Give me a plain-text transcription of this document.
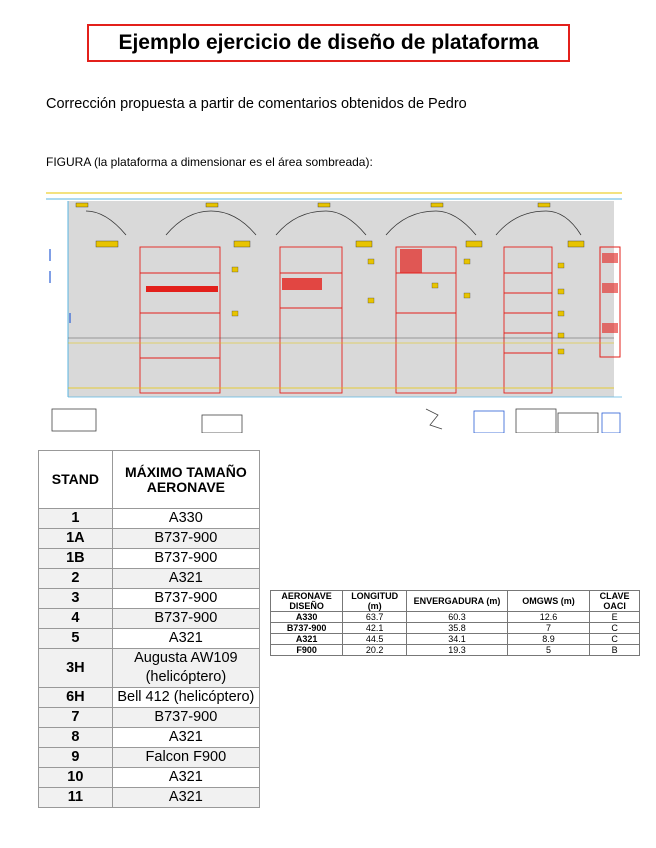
Ejemplo ejercicio de diseño de plataforma
Corrección propuesta a partir de comentarios obtenidos de Pedro
FIGURA (la plataforma a dimensionar es el área sombreada):
STAND	MÁXIMO TAMAÑO AERONAVE
1	A330
1A	B737-900
1B	B737-900
2	A321
3	B737-900
4	B737-900
5	A321
3H	Augusta AW109 (helicóptero)
6H	Bell 412 (helicóptero)
7	B737-900
8	A321
9	Falcon F900
10	A321
11	A321
AERONAVE DISEÑO	LONGITUD (m)	ENVERGADURA (m)	OMGWS (m)	CLAVE OACI
A330	63.7	60.3	12.6	E
B737-900	42.1	35.8	7	C
A321	44.5	34.1	8.9	C
F900	20.2	19.3	5	B
